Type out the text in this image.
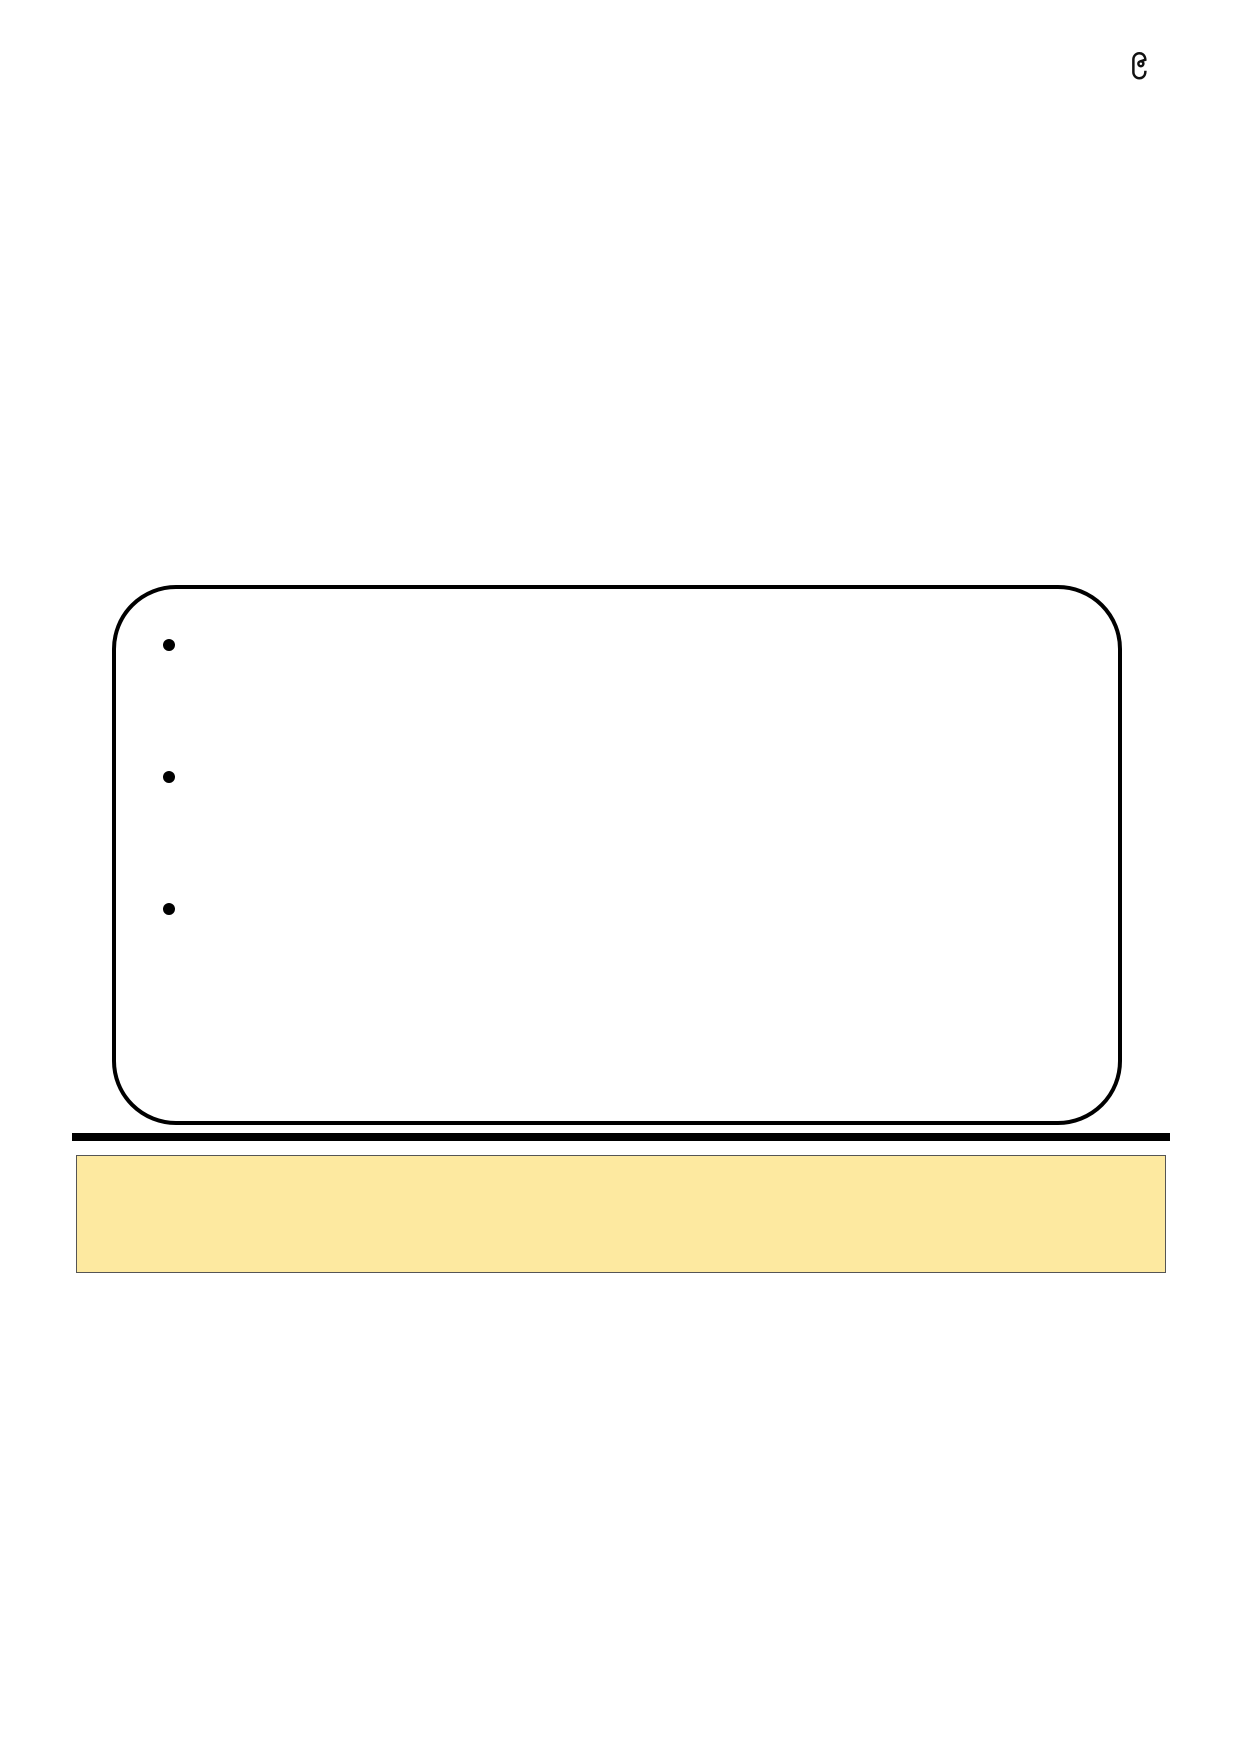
၉
